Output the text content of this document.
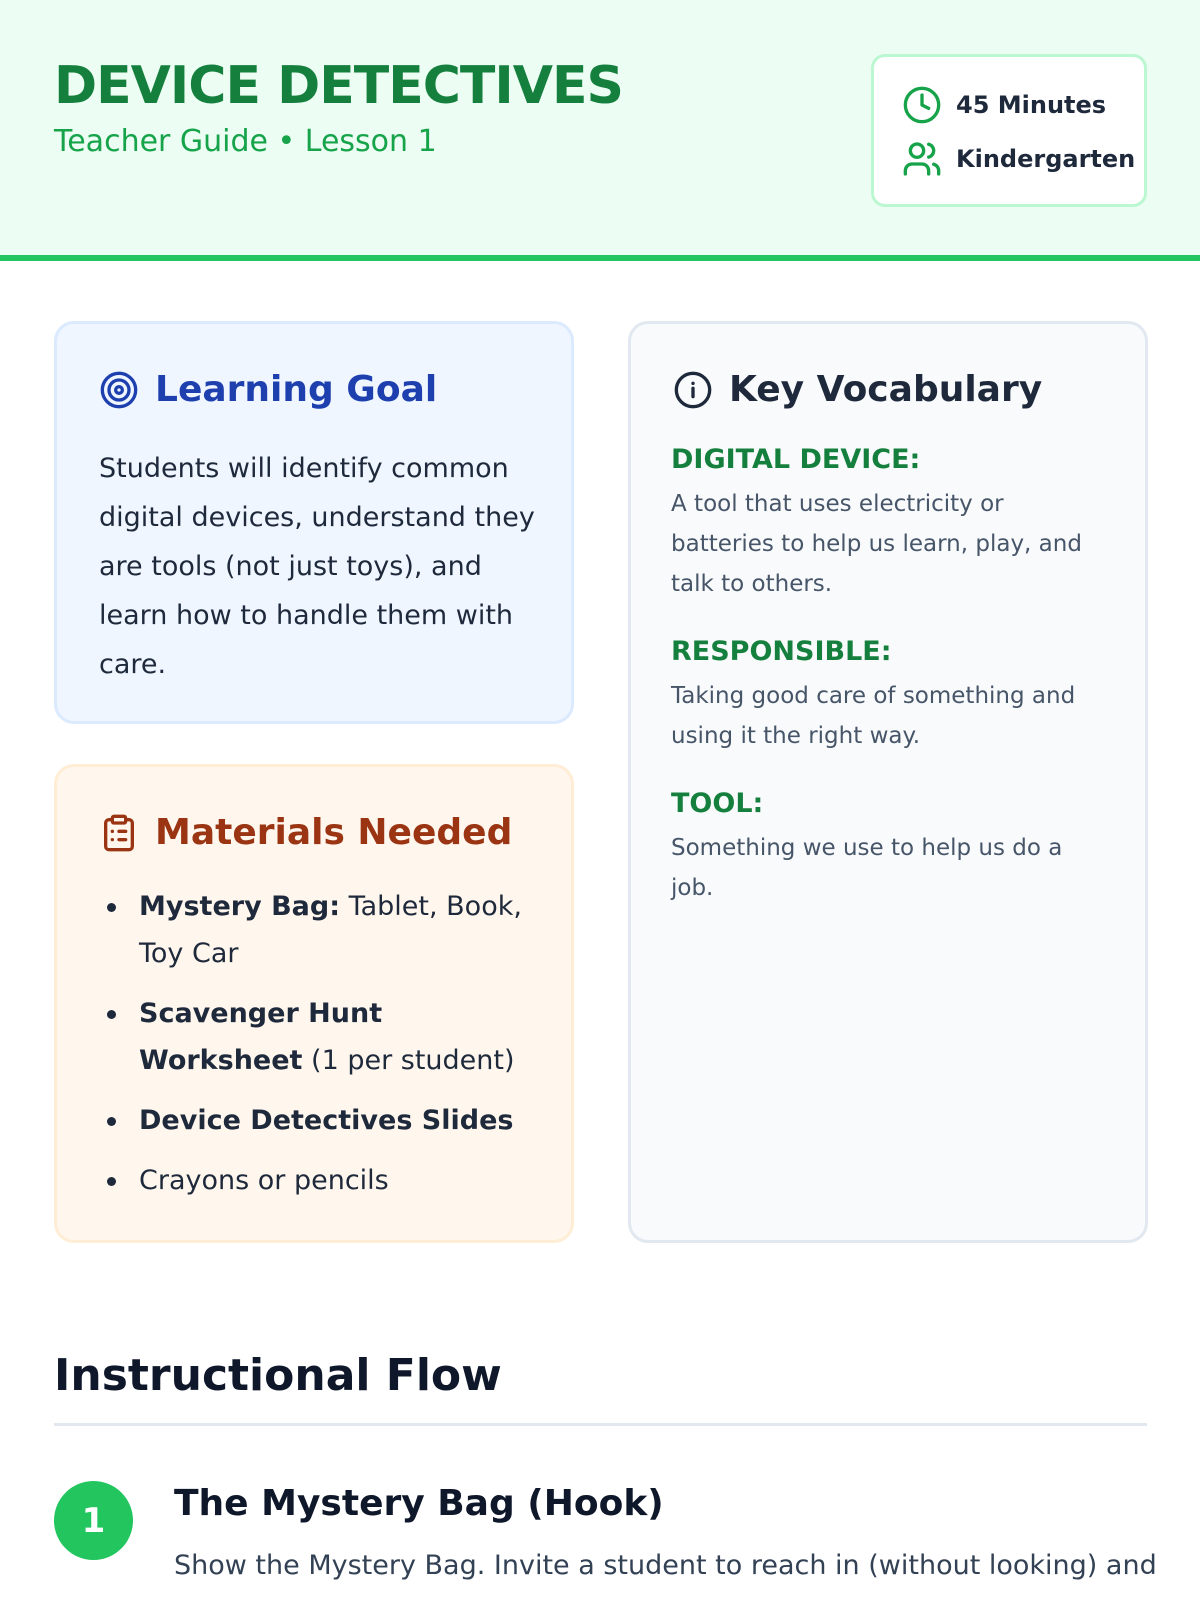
DEVICE DETECTIVES
Teacher Guide • Lesson 1
45 Minutes
Kindergarten
Learning Goal

Students will identify common digital devices, understand they are tools (not just toys), and learn how to handle them with care.

Materials Needed
Mystery Bag: Tablet, Book, Toy Car
Scavenger Hunt Worksheet (1 per student)
Device Detectives Slides
Crayons or pencils
Key Vocabulary
DIGITAL DEVICE:
A tool that uses electricity or batteries to help us learn, play, and talk to others.
RESPONSIBLE:
Taking good care of something and using it the right way.
TOOL:
Something we use to help us do a job.
Instructional Flow
1	The Mystery Bag (Hook)
Show the Mystery Bag. Invite a student to reach in (without looking) and
